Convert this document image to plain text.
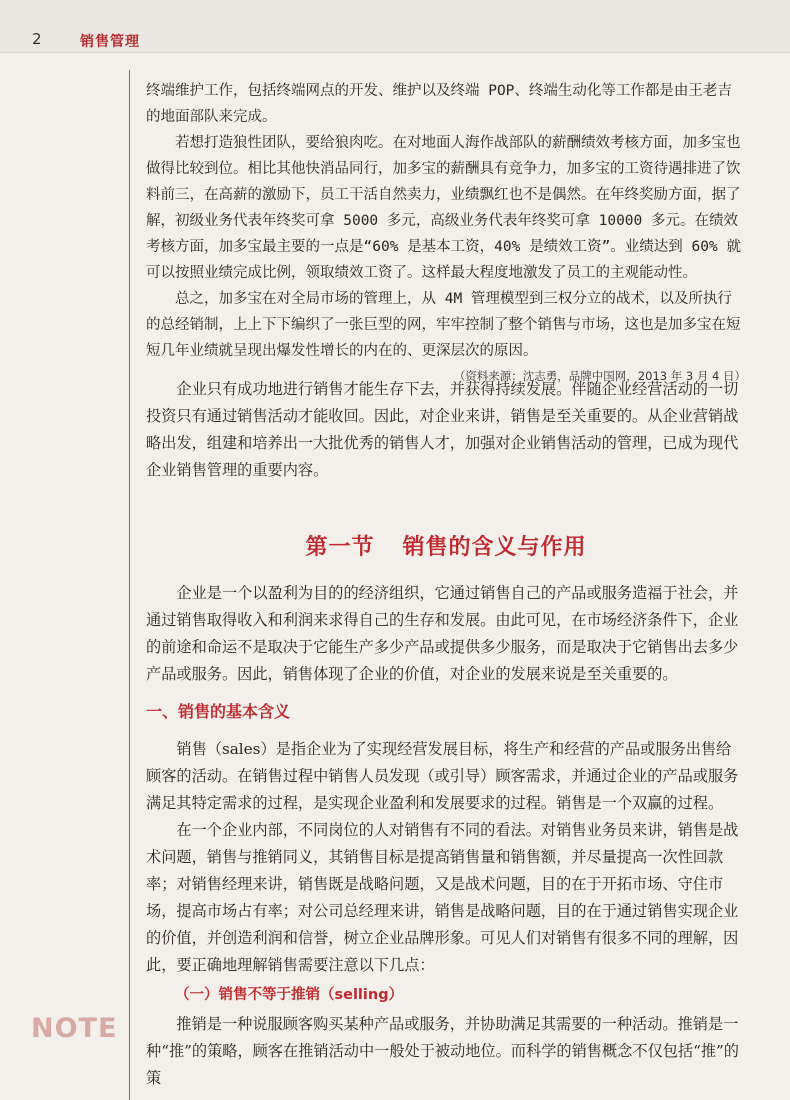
2	销售管理

终端维护工作，包括终端网点的开发、维护以及终端 POP、终端生动化等工作都是由王老吉的地面部队来完成。

若想打造狼性团队，要给狼肉吃。在对地面人海作战部队的薪酬绩效考核方面，加多宝也做得比较到位。相比其他快消品同行，加多宝的薪酬具有竞争力，加多宝的工资待遇排进了饮料前三，在高薪的激励下，员工干活自然卖力，业绩飘红也不是偶然。在年终奖励方面，据了解，初级业务代表年终奖可拿 5000 多元，高级业务代表年终奖可拿 10000 多元。在绩效考核方面，加多宝最主要的一点是“60% 是基本工资，40% 是绩效工资”。业绩达到 60% 就可以按照业绩完成比例，领取绩效工资了。这样最大程度地激发了员工的主观能动性。

总之，加多宝在对全局市场的管理上，从 4M 管理模型到三权分立的战术，以及所执行的总经销制，上上下下编织了一张巨型的网，牢牢控制了整个销售与市场，这也是加多宝在短短几年业绩就呈现出爆发性增长的内在的、更深层次的原因。

（资料来源：沈志勇，品牌中国网，2013 年 3 月 4 日）

企业只有成功地进行销售才能生存下去，并获得持续发展。伴随企业经营活动的一切投资只有通过销售活动才能收回。因此，对企业来讲，销售是至关重要的。从企业营销战略出发，组建和培养出一大批优秀的销售人才，加强对企业销售活动的管理，已成为现代企业销售管理的重要内容。

第一节 销售的含义与作用

企业是一个以盈利为目的的经济组织，它通过销售自己的产品或服务造福于社会，并通过销售取得收入和利润来求得自己的生存和发展。由此可见，在市场经济条件下，企业的前途和命运不是取决于它能生产多少产品或提供多少服务，而是取决于它销售出去多少产品或服务。因此，销售体现了企业的价值，对企业的发展来说是至关重要的。

一、销售的基本含义

销售（sales）是指企业为了实现经营发展目标，将生产和经营的产品或服务出售给顾客的活动。在销售过程中销售人员发现（或引导）顾客需求，并通过企业的产品或服务满足其特定需求的过程，是实现企业盈利和发展要求的过程。销售是一个双赢的过程。

在一个企业内部，不同岗位的人对销售有不同的看法。对销售业务员来讲，销售是战术问题，销售与推销同义，其销售目标是提高销售量和销售额，并尽量提高一次性回款率；对销售经理来讲，销售既是战略问题，又是战术问题，目的在于开拓市场、守住市场，提高市场占有率；对公司总经理来讲，销售是战略问题，目的在于通过销售实现企业的价值，并创造利润和信誉，树立企业品牌形象。可见人们对销售有很多不同的理解，因此，要正确地理解销售需要注意以下几点：

（一）销售不等于推销（selling）

推销是一种说服顾客购买某种产品或服务，并协助满足其需要的一种活动。推销是一种“推”的策略，顾客在推销活动中一般处于被动地位。而科学的销售概念不仅包括“推”的策

NOTE
